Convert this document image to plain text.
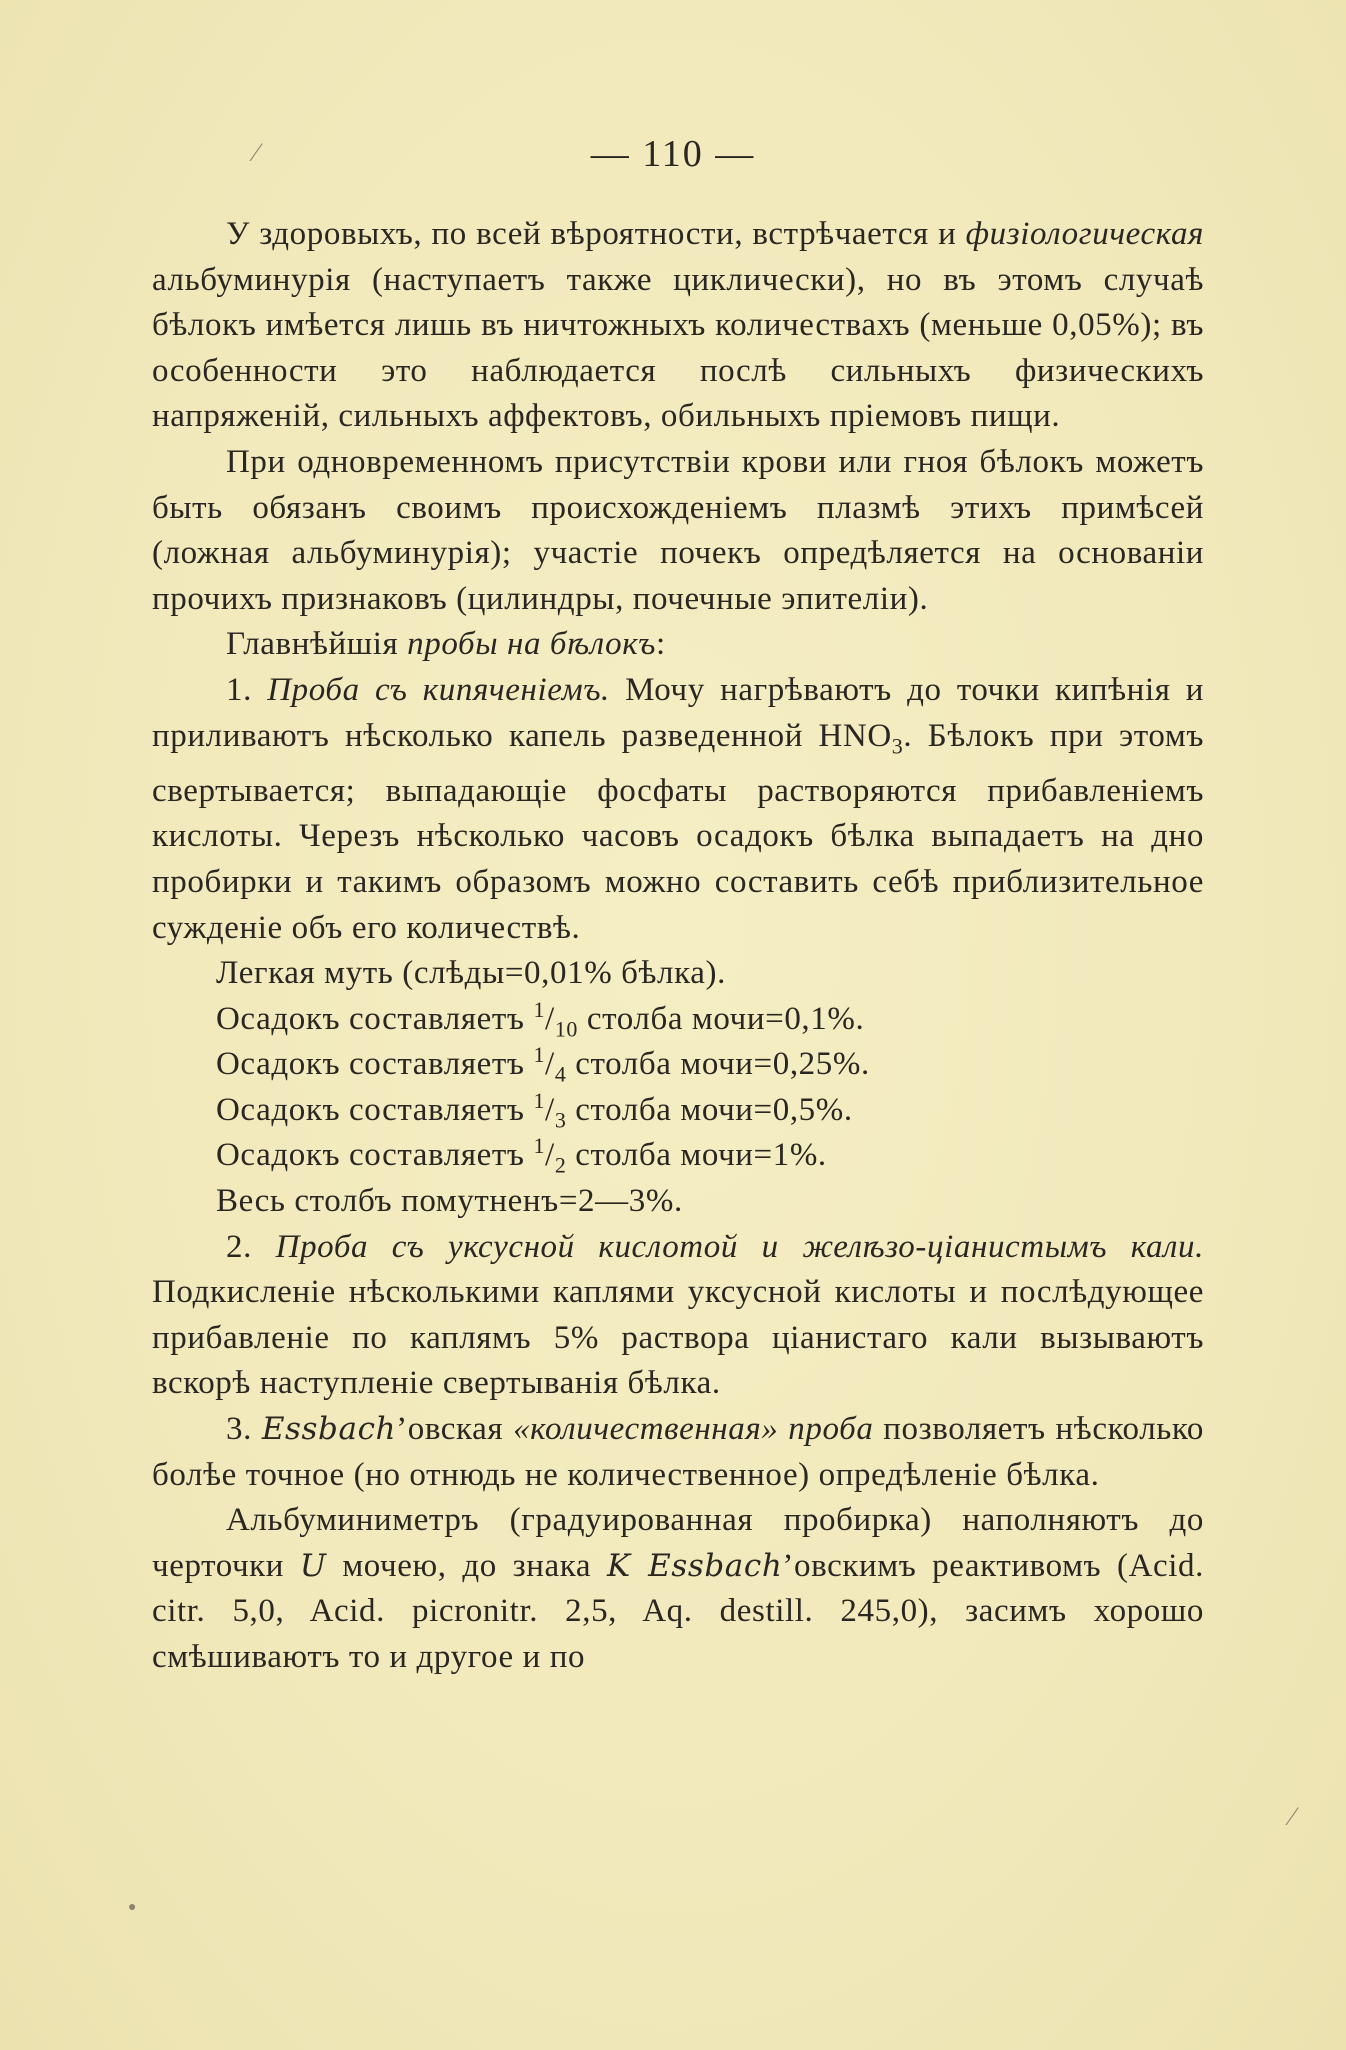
⁄
⁄
●
— 110 —

У здоровыхъ, по всей вѣроятности, встрѣчается и физіологическая альбуминурія (наступаетъ также циклически), но въ этомъ случаѣ бѣлокъ имѣется лишь въ ничтожныхъ количествахъ (меньше 0,05%); въ особенности это наблюдается послѣ сильныхъ физическихъ напряженій, сильныхъ аффектовъ, обильныхъ пріемовъ пищи.

При одновременномъ присутствіи крови или гноя бѣлокъ можетъ быть обязанъ своимъ происхожденіемъ плазмѣ этихъ примѣсей (ложная альбуминурія); участіе почекъ опредѣляется на основаніи прочихъ признаковъ (цилиндры, почечные эпителіи).

Главнѣйшія пробы на бѣлокъ:

1. Проба съ кипяченіемъ. Мочу нагрѣваютъ до точки кипѣнія и приливаютъ нѣсколько капель разведенной $HNO_3$. Бѣлокъ при этомъ свертывается; выпадающіе фосфаты растворяются прибавленіемъ кислоты. Черезъ нѣсколько часовъ осадокъ бѣлка выпадаетъ на дно пробирки и такимъ образомъ можно составить себѣ приблизительное сужденіе объ его количествѣ.

Легкая муть (слѣды=0,01% бѣлка).

Осадокъ составляетъ $^1/_{10}$ столба мочи=0,1%.

Осадокъ составляетъ $^1/_4$ столба мочи=0,25%.

Осадокъ составляетъ $^1/_3$ столба мочи=0,5%.

Осадокъ составляетъ $^1/_2$ столба мочи=1%.

Весь столбъ помутненъ=2—3%.

2. Проба съ уксусной кислотой и желѣзо-ціанистымъ кали. Подкисленіе нѣсколькими каплями уксусной кислоты и послѣдующее прибавленіе по каплямъ 5% раствора ціанистаго кали вызываютъ вскорѣ наступленіе свертыванія бѣлка.

3. Essbach’овская «количественная» проба позволяетъ нѣсколько болѣе точное (но отнюдь не количественное) опредѣленіе бѣлка.

Альбуминиметръ (градуированная пробирка) наполняютъ до черточки U мочею, до знака K Essbach’овскимъ реактивомъ (Acid. citr. 5,0, Acid. picronitr. 2,5, Aq. destill. 245,0), засимъ хорошо смѣшиваютъ то и другое и по
